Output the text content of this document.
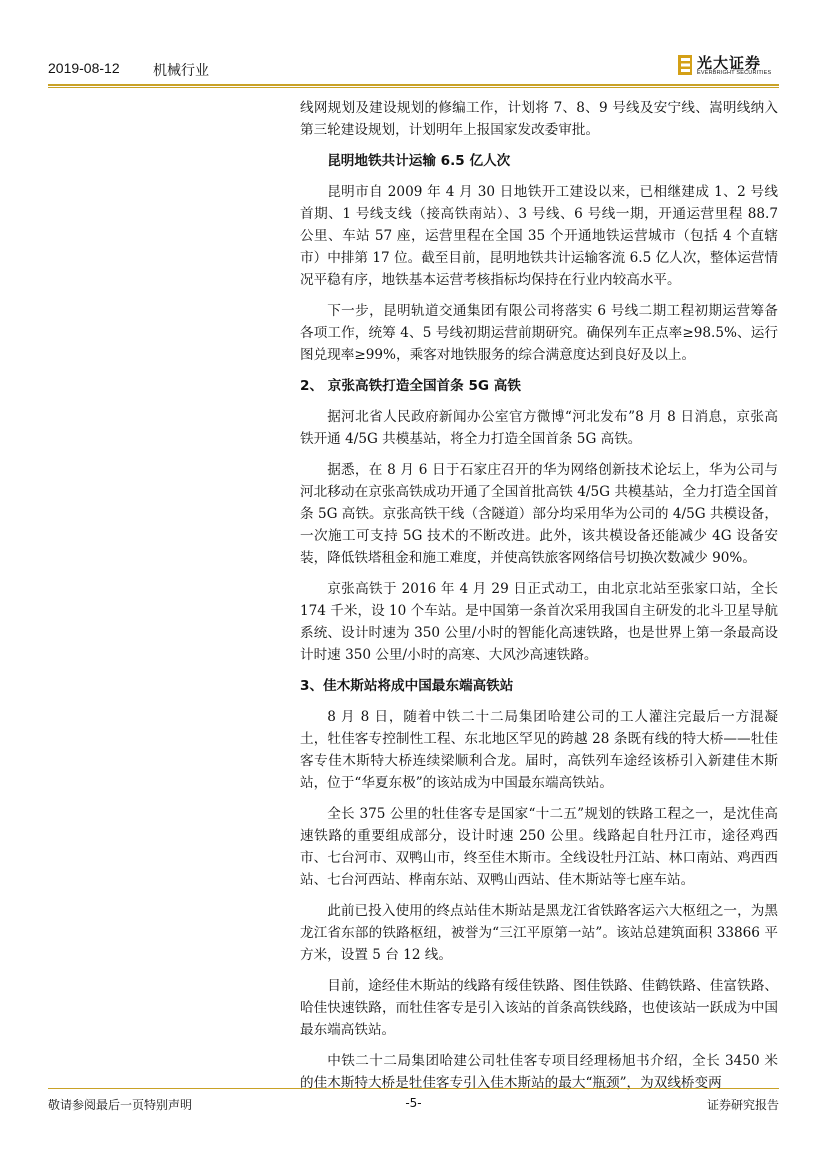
2019-08-12 机械行业	光大证券
EVERBRIGHT SECURITIES

线网规划及建设规划的修编工作，计划将 7、8、9 号线及安宁线、嵩明线纳入第三轮建设规划，计划明年上报国家发改委审批。

昆明地铁共计运输 6.5 亿人次

昆明市自 2009 年 4 月 30 日地铁开工建设以来，已相继建成 1、2 号线首期、1 号线支线（接高铁南站）、3 号线、6 号线一期，开通运营里程 88.7 公里、车站 57 座，运营里程在全国 35 个开通地铁运营城市（包括 4 个直辖市）中排第 17 位。截至目前，昆明地铁共计运输客流 6.5 亿人次，整体运营情况平稳有序，地铁基本运营考核指标均保持在行业内较高水平。

下一步，昆明轨道交通集团有限公司将落实 6 号线二期工程初期运营筹备各项工作，统筹 4、5 号线初期运营前期研究。确保列车正点率≥98.5%、运行图兑现率≥99%，乘客对地铁服务的综合满意度达到良好及以上。

2、 京张高铁打造全国首条 5G 高铁

据河北省人民政府新闻办公室官方微博“河北发布”8 月 8 日消息，京张高铁开通 4/5G 共模基站，将全力打造全国首条 5G 高铁。

据悉，在 8 月 6 日于石家庄召开的华为网络创新技术论坛上，华为公司与河北移动在京张高铁成功开通了全国首批高铁 4/5G 共模基站，全力打造全国首条 5G 高铁。京张高铁干线（含隧道）部分均采用华为公司的 4/5G 共模设备，一次施工可支持 5G 技术的不断改进。此外，该共模设备还能减少 4G 设备安装，降低铁塔租金和施工难度，并使高铁旅客网络信号切换次数减少 90%。

京张高铁于 2016 年 4 月 29 日正式动工，由北京北站至张家口站，全长 174 千米，设 10 个车站。是中国第一条首次采用我国自主研发的北斗卫星导航系统、设计时速为 350 公里/小时的智能化高速铁路，也是世界上第一条最高设计时速 350 公里/小时的高寒、大风沙高速铁路。

3、佳木斯站将成中国最东端高铁站

8 月 8 日，随着中铁二十二局集团哈建公司的工人灌注完最后一方混凝土，牡佳客专控制性工程、东北地区罕见的跨越 28 条既有线的特大桥——牡佳客专佳木斯特大桥连续梁顺利合龙。届时，高铁列车途经该桥引入新建佳木斯站，位于“华夏东极”的该站成为中国最东端高铁站。

全长 375 公里的牡佳客专是国家“十二五”规划的铁路工程之一，是沈佳高速铁路的重要组成部分，设计时速 250 公里。线路起自牡丹江市，途径鸡西市、七台河市、双鸭山市，终至佳木斯市。全线设牡丹江站、林口南站、鸡西西站、七台河西站、桦南东站、双鸭山西站、佳木斯站等七座车站。

此前已投入使用的终点站佳木斯站是黑龙江省铁路客运六大枢纽之一，为黑龙江省东部的铁路枢纽，被誉为“三江平原第一站”。该站总建筑面积 33866 平方米，设置 5 台 12 线。

目前，途经佳木斯站的线路有绥佳铁路、图佳铁路、佳鹤铁路、佳富铁路、哈佳快速铁路，而牡佳客专是引入该站的首条高铁线路，也使该站一跃成为中国最东端高铁站。

中铁二十二局集团哈建公司牡佳客专项目经理杨旭书介绍，全长 3450 米的佳木斯特大桥是牡佳客专引入佳木斯站的最大“瓶颈”，为双线桥变两

敬请参阅最后一页特别声明	-5-	证券研究报告
